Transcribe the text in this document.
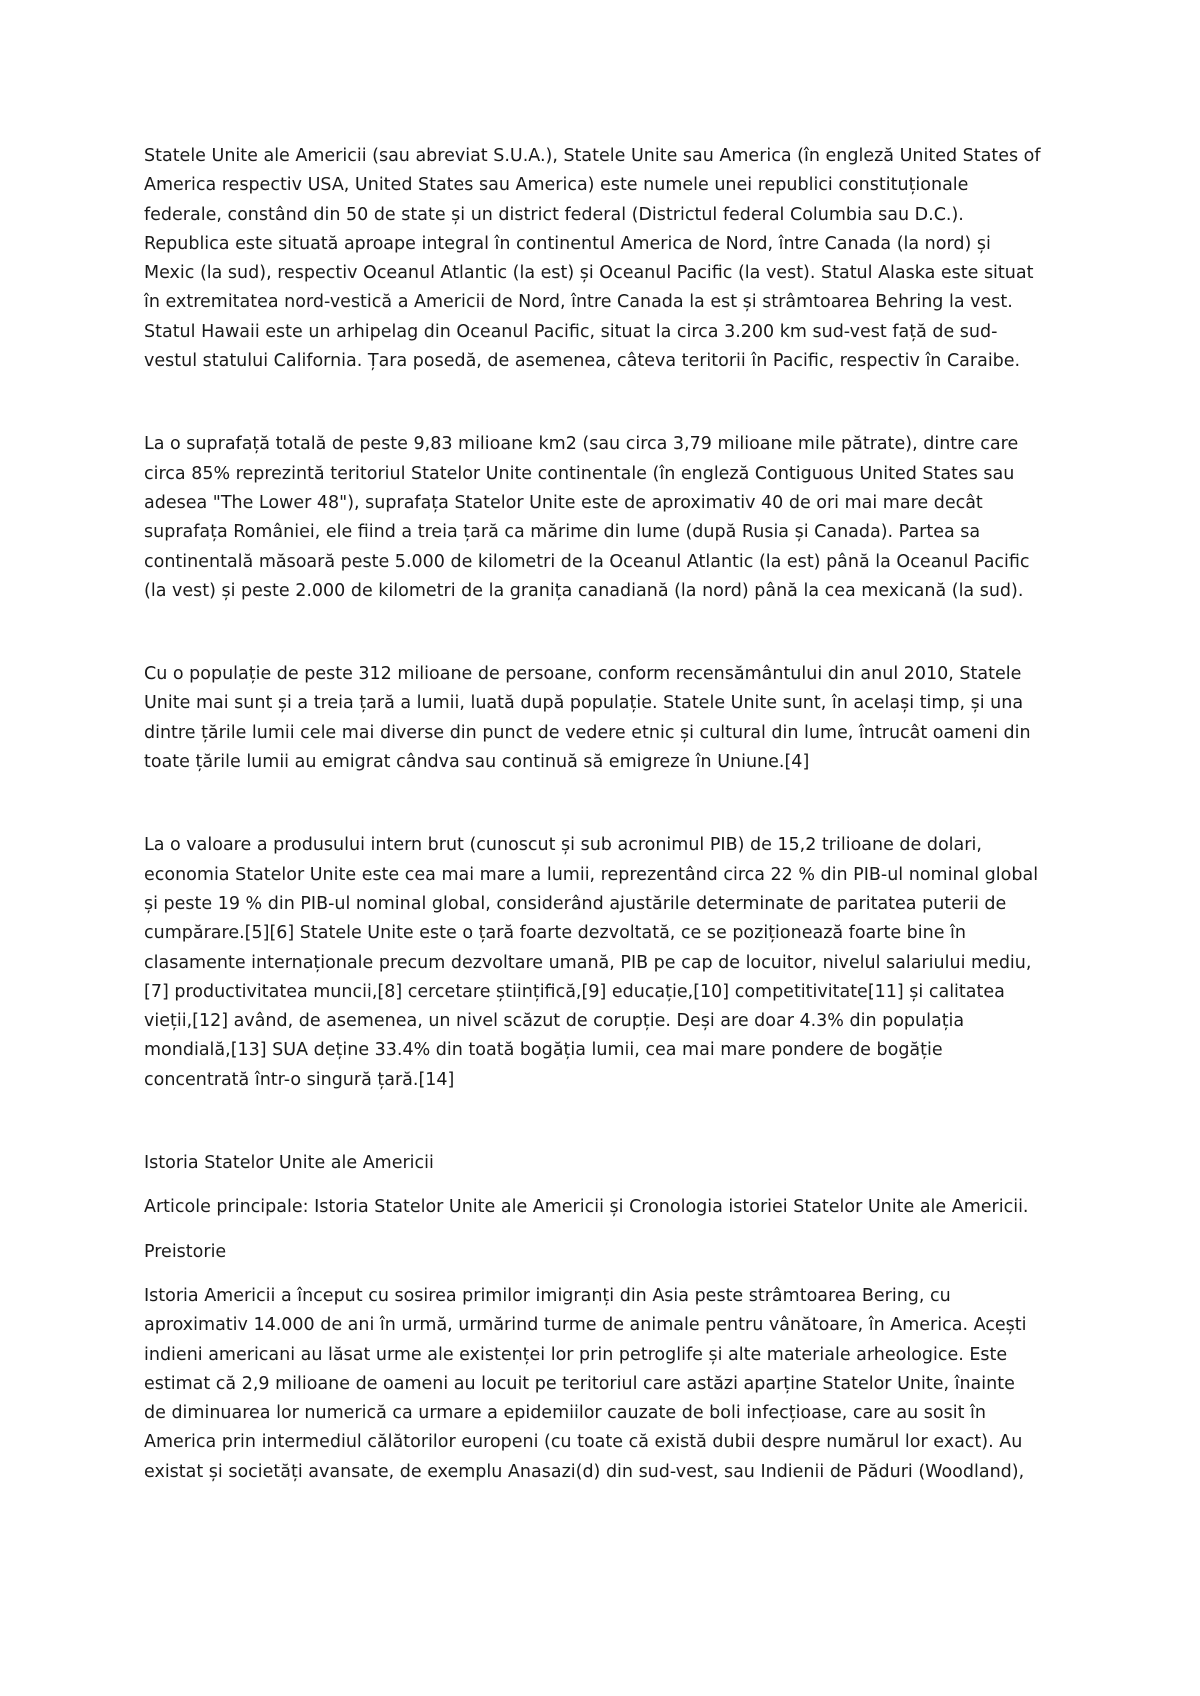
Statele Unite ale Americii (sau abreviat S.U.A.), Statele Unite sau America (în engleză United States of
America respectiv USA, United States sau America) este numele unei republici constituționale
federale, constând din 50 de state și un district federal (Districtul federal Columbia sau D.C.).
Republica este situată aproape integral în continentul America de Nord, între Canada (la nord) și
Mexic (la sud), respectiv Oceanul Atlantic (la est) și Oceanul Pacific (la vest). Statul Alaska este situat
în extremitatea nord-vestică a Americii de Nord, între Canada la est și strâmtoarea Behring la vest.
Statul Hawaii este un arhipelag din Oceanul Pacific, situat la circa 3.200 km sud-vest față de sud-
vestul statului California. Țara posedă, de asemenea, câteva teritorii în Pacific, respectiv în Caraibe.

La o suprafață totală de peste 9,83 milioane km2 (sau circa 3,79 milioane mile pătrate), dintre care
circa 85% reprezintă teritoriul Statelor Unite continentale (în engleză Contiguous United States sau
adesea "The Lower 48"), suprafața Statelor Unite este de aproximativ 40 de ori mai mare decât
suprafața României, ele fiind a treia țară ca mărime din lume (după Rusia și Canada). Partea sa
continentală măsoară peste 5.000 de kilometri de la Oceanul Atlantic (la est) până la Oceanul Pacific
(la vest) și peste 2.000 de kilometri de la granița canadiană (la nord) până la cea mexicană (la sud).

Cu o populație de peste 312 milioane de persoane, conform recensământului din anul 2010, Statele
Unite mai sunt și a treia țară a lumii, luată după populație. Statele Unite sunt, în același timp, și una
dintre țările lumii cele mai diverse din punct de vedere etnic și cultural din lume, întrucât oameni din
toate țările lumii au emigrat cândva sau continuă să emigreze în Uniune.[4]

La o valoare a produsului intern brut (cunoscut și sub acronimul PIB) de 15,2 trilioane de dolari,
economia Statelor Unite este cea mai mare a lumii, reprezentând circa 22 % din PIB-ul nominal global
și peste 19 % din PIB-ul nominal global, considerând ajustările determinate de paritatea puterii de
cumpărare.[5][6] Statele Unite este o țară foarte dezvoltată, ce se poziționează foarte bine în
clasamente internaționale precum dezvoltare umană, PIB pe cap de locuitor, nivelul salariului mediu,
[7] productivitatea muncii,[8] cercetare științifică,[9] educație,[10] competitivitate[11] și calitatea
vieții,[12] având, de asemenea, un nivel scăzut de corupție. Deși are doar 4.3% din populația
mondială,[13] SUA deține 33.4% din toată bogăția lumii, cea mai mare pondere de bogăție
concentrată într-o singură țară.[14]

Istoria Statelor Unite ale Americii

Articole principale: Istoria Statelor Unite ale Americii și Cronologia istoriei Statelor Unite ale Americii.

Preistorie

Istoria Americii a început cu sosirea primilor imigranți din Asia peste strâmtoarea Bering, cu
aproximativ 14.000 de ani în urmă, urmărind turme de animale pentru vânătoare, în America. Acești
indieni americani au lăsat urme ale existenței lor prin petroglife și alte materiale arheologice. Este
estimat că 2,9 milioane de oameni au locuit pe teritoriul care astăzi aparține Statelor Unite, înainte
de diminuarea lor numerică ca urmare a epidemiilor cauzate de boli infecțioase, care au sosit în
America prin intermediul călătorilor europeni (cu toate că există dubii despre numărul lor exact). Au
existat și societăți avansate, de exemplu Anasazi(d) din sud-vest, sau Indienii de Păduri (Woodland),
